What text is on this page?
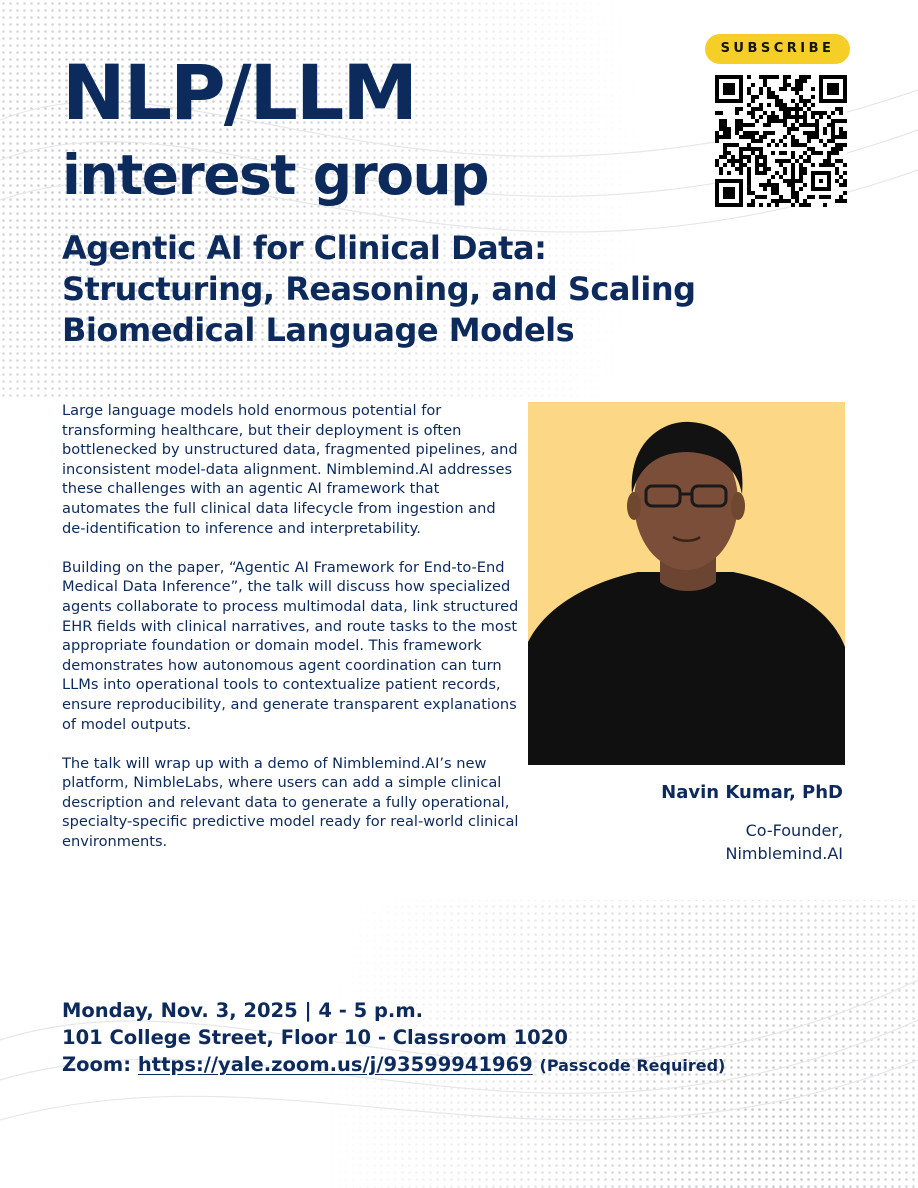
NLP/LLM
interest group
Agentic AI for Clinical Data:
Structuring, Reasoning, and Scaling
Biomedical Language Models
SUBSCRIBE

Large language models hold enormous potential for transforming healthcare, but their deployment is often bottlenecked by unstructured data, fragmented pipelines, and inconsistent model-data alignment. Nimblemind.AI addresses these challenges with an agentic AI framework that automates the full clinical data lifecycle from ingestion and de-identification to inference and interpretability.

Building on the paper, “Agentic AI Framework for End-to-End Medical Data Inference”, the talk will discuss how specialized agents collaborate to process multimodal data, link structured EHR fields with clinical narratives, and route tasks to the most appropriate foundation or domain model. This framework demonstrates how autonomous agent coordination can turn LLMs into operational tools to contextualize patient records, ensure reproducibility, and generate transparent explanations of model outputs.

The talk will wrap up with a demo of Nimblemind.AI’s new platform, NimbleLabs, where users can add a simple clinical description and relevant data to generate a fully operational, specialty-specific predictive model ready for real-world clinical environments.

Navin Kumar, PhD
Co-Founder,
Nimblemind.AI
Monday, Nov. 3, 2025 | 4 - 5 p.m.
101 College Street, Floor 10 - Classroom 1020
Zoom: https://yale.zoom.us/j/93599941969 (Passcode Required)
